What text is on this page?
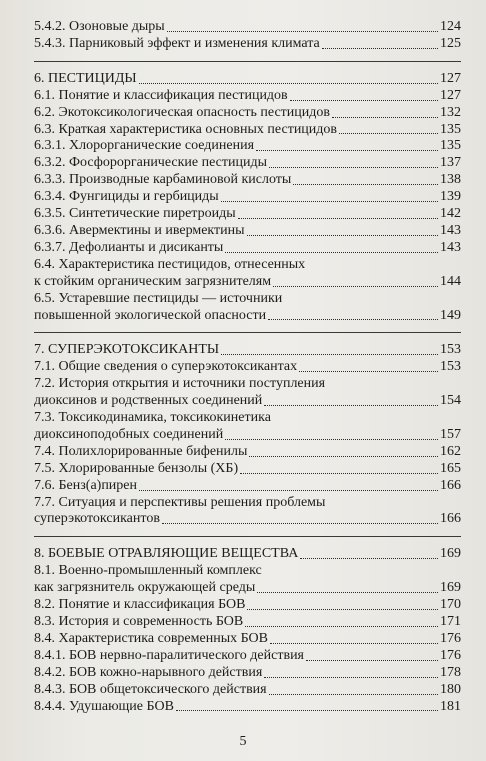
5.4.2. Озоновые дыры	124
5.4.3. Парниковый эффект и изменения климата	125
6. ПЕСТИЦИДЫ	127
6.1. Понятие и классификация пестицидов	127
6.2. Экотоксикологическая опасность пестицидов	132
6.3. Краткая характеристика основных пестицидов	135
6.3.1. Хлорорганические соединения	135
6.3.2. Фосфорорганические пестициды	137
6.3.3. Производные карбаминовой кислоты	138
6.3.4. Фунгициды и гербициды	139
6.3.5. Синтетические пиретроиды	142
6.3.6. Авермектины и ивермектины	143
6.3.7. Дефолианты и дисиканты	143
6.4. Характеристика пестицидов, отнесенных
к стойким органическим загрязнителям	144
6.5. Устаревшие пестициды — источники
повышенной экологической опасности	149
7. СУПЕРЭКОТОКСИКАНТЫ	153
7.1. Общие сведения о суперэкотоксикантах	153
7.2. История открытия и источники поступления
диоксинов и родственных соединений	154
7.3. Токсикодинамика, токсикокинетика
диоксиноподобных соединений	157
7.4. Полихлорированные бифенилы	162
7.5. Хлорированные бензолы (ХБ)	165
7.6. Бенз(а)пирен	166
7.7. Ситуация и перспективы решения проблемы
суперэкотоксикантов	166
8. БОЕВЫЕ ОТРАВЛЯЮЩИЕ ВЕЩЕСТВА	169
8.1. Военно-промышленный комплекс
как загрязнитель окружающей среды	169
8.2. Понятие и классификация БОВ	170
8.3. История и современность БОВ	171
8.4. Характеристика современных БОВ	176
8.4.1. БОВ нервно-паралитического действия	176
8.4.2. БОВ кожно-нарывного действия	178
8.4.3. БОВ общетоксического действия	180
8.4.4. Удушающие БОВ	181
5
